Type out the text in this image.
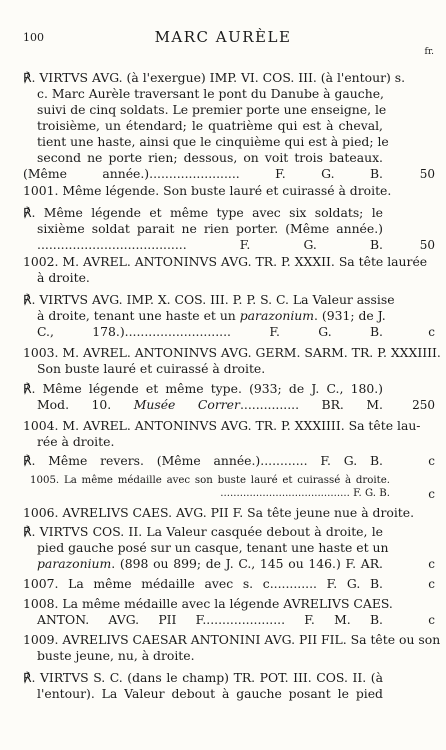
100	MARC AURÈLE
fr.
℟. VIRTVS AVG. (à l'exergue) IMP. VI. COS. III. (à l'entour) s.
c. Marc Aurèle traversant le pont du Danube à gauche,
suivi de cinq soldats. Le premier porte une enseigne, le
troisième, un étendard; le quatrième qui est à cheval,
tient une haste, ainsi que le cinquième qui est à pied; le
second ne porte rien; dessous, on voit trois bateaux.
(Même année.)....................... F. G. B.	50
1001. Même légende. Son buste lauré et cuirassé à droite.
℟. Même légende et même type avec six soldats; le
sixième soldat parait ne rien porter. (Même année.)
...................................... F. G. B.	50
1002. M. AVREL. ANTONINVS AVG. TR. P. XXXII. Sa tête laurée
à droite.
℟. VIRTVS AVG. IMP. X. COS. III. P. P. S. C. La Valeur assise
à droite, tenant une haste et un parazonium. (931; de J.
C., 178.)........................... F. G. B.	c
1003. M. AVREL. ANTONINVS AVG. GERM. SARM. TR. P. XXXIIII.
Son buste lauré et cuirassé à droite.
℟. Même légende et même type. (933; de J. C., 180.)
Mod. 10. Musée Correr............... BR. M. 250
1004. M. AVREL. ANTONINVS AVG. TR. P. XXXIIII. Sa tête lau-
rée à droite.
℟. Même revers. (Même année.)............ F. G. B.	c
1005. La même médaille avec son buste lauré et cuirassé à droite.
........................................ F. G. B.	c
1006. AVRELIVS CAES. AVG. PII F. Sa tête jeune nue à droite.
℟. VIRTVS COS. II. La Valeur casquée debout à droite, le
pied gauche posé sur un casque, tenant une haste et un
parazonium. (898 ou 899; de J. C., 145 ou 146.) F. AR.	c
1007. La même médaille avec s. c............ F. G. B.	c
1008. La même médaille avec la légende AVRELIVS CAES.
ANTON. AVG. PII F..................... F. M. B.	c
1009. AVRELIVS CAESAR ANTONINI AVG. PII FIL. Sa tête ou son
buste jeune, nu, à droite.
℟. VIRTVS S. C. (dans le champ) TR. POT. III. COS. II. (à
l'entour). La Valeur debout à gauche posant le pied
